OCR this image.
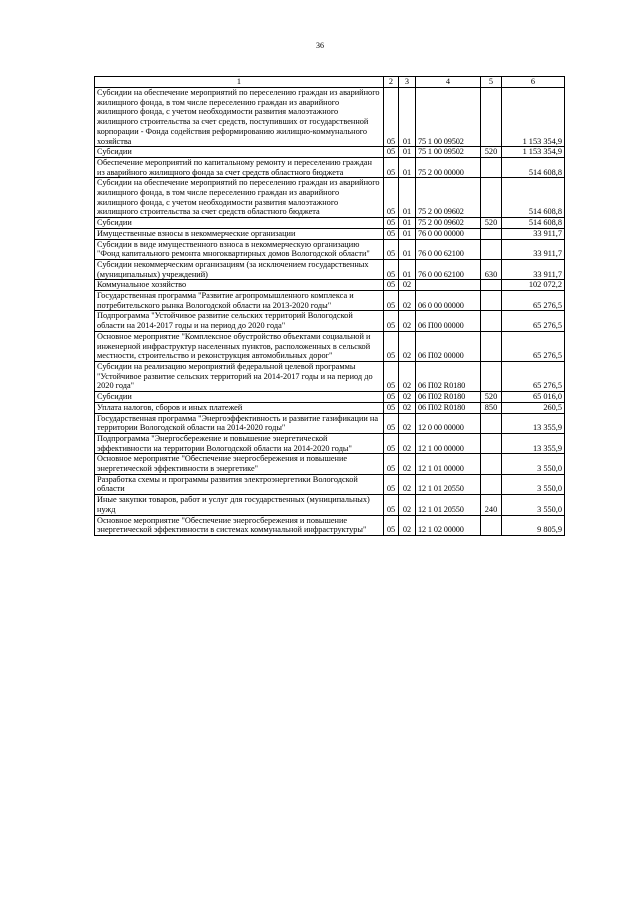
36
1	2	3	4	5	6
Субсидии на обеспечение мероприятий по переселению граждан из аварийного жилищного фонда, в том числе переселению граждан из аварийного жилищного фонда, с учетом необходимости развития малоэтажного жилищного строительства за счет средств, поступивших от государственной корпорации - Фонда содействия реформированию жилищно-коммунального хозяйства	05	01	75 1 00 09502		1 153 354,9
Субсидии	05	01	75 1 00 09502	520	1 153 354,9
Обеспечение мероприятий по капитальному ремонту и переселению граждан из аварийного жилищного фонда за счет средств областного бюджета	05	01	75 2 00 00000		514 608,8
Субсидии на обеспечение мероприятий по переселению граждан из аварийного жилищного фонда, в том числе переселению граждан из аварийного жилищного фонда, с учетом необходимости развития малоэтажного жилищного строительства за счет средств областного бюджета	05	01	75 2 00 09602		514 608,8
Субсидии	05	01	75 2 00 09602	520	514 608,8
Имущественные взносы в некоммерческие организации	05	01	76 0 00 00000		33 911,7
Субсидии в виде имущественного взноса в некоммерческую организацию "Фонд капитального ремонта многоквартирных домов Вологодской области"	05	01	76 0 00 62100		33 911,7
Субсидии некоммерческим организациям (за исключением государственных (муниципальных) учреждений)	05	01	76 0 00 62100	630	33 911,7
Коммунальное хозяйство	05	02			102 072,2
Государственная программа "Развитие агропромышленного комплекса и потребительского рынка Вологодской области на 2013-2020 годы"	05	02	06 0 00 00000		65 276,5
Подпрограмма "Устойчивое развитие сельских территорий Вологодской области на 2014-2017 годы и на период до 2020 года"	05	02	06 П00 00000		65 276,5
Основное мероприятие "Комплексное обустройство объектами социальной и инженерной инфраструктур населенных пунктов, расположенных в сельской местности, строительство и реконструкция автомобильных дорог"	05	02	06 П02 00000		65 276,5
Субсидии на реализацию мероприятий федеральной целевой программы "Устойчивое развитие сельских территорий на 2014-2017 годы и на период до 2020 года"	05	02	06 П02 R0180		65 276,5
Субсидии	05	02	06 П02 R0180	520	65 016,0
Уплата налогов, сборов и иных платежей	05	02	06 П02 R0180	850	260,5
Государственная программа "Энергоэффективность и развитие газификации на территории Вологодской области на 2014-2020 годы"	05	02	12 0 00 00000		13 355,9
Подпрограмма "Энергосбережение и повышение энергетической эффективности на территории Вологодской области на 2014-2020 годы"	05	02	12 1 00 00000		13 355,9
Основное мероприятие "Обеспечение энергосбережения и повышение энергетической эффективности в энергетике"	05	02	12 1 01 00000		3 550,0
Разработка схемы и программы развития электроэнергетики Вологодской области	05	02	12 1 01 20550		3 550,0
Иные закупки товаров, работ и услуг для государственных (муниципальных) нужд	05	02	12 1 01 20550	240	3 550,0
Основное мероприятие "Обеспечение энергосбережения и повышение энергетической эффективности в системах коммунальной инфраструктуры"	05	02	12 1 02 00000		9 805,9
